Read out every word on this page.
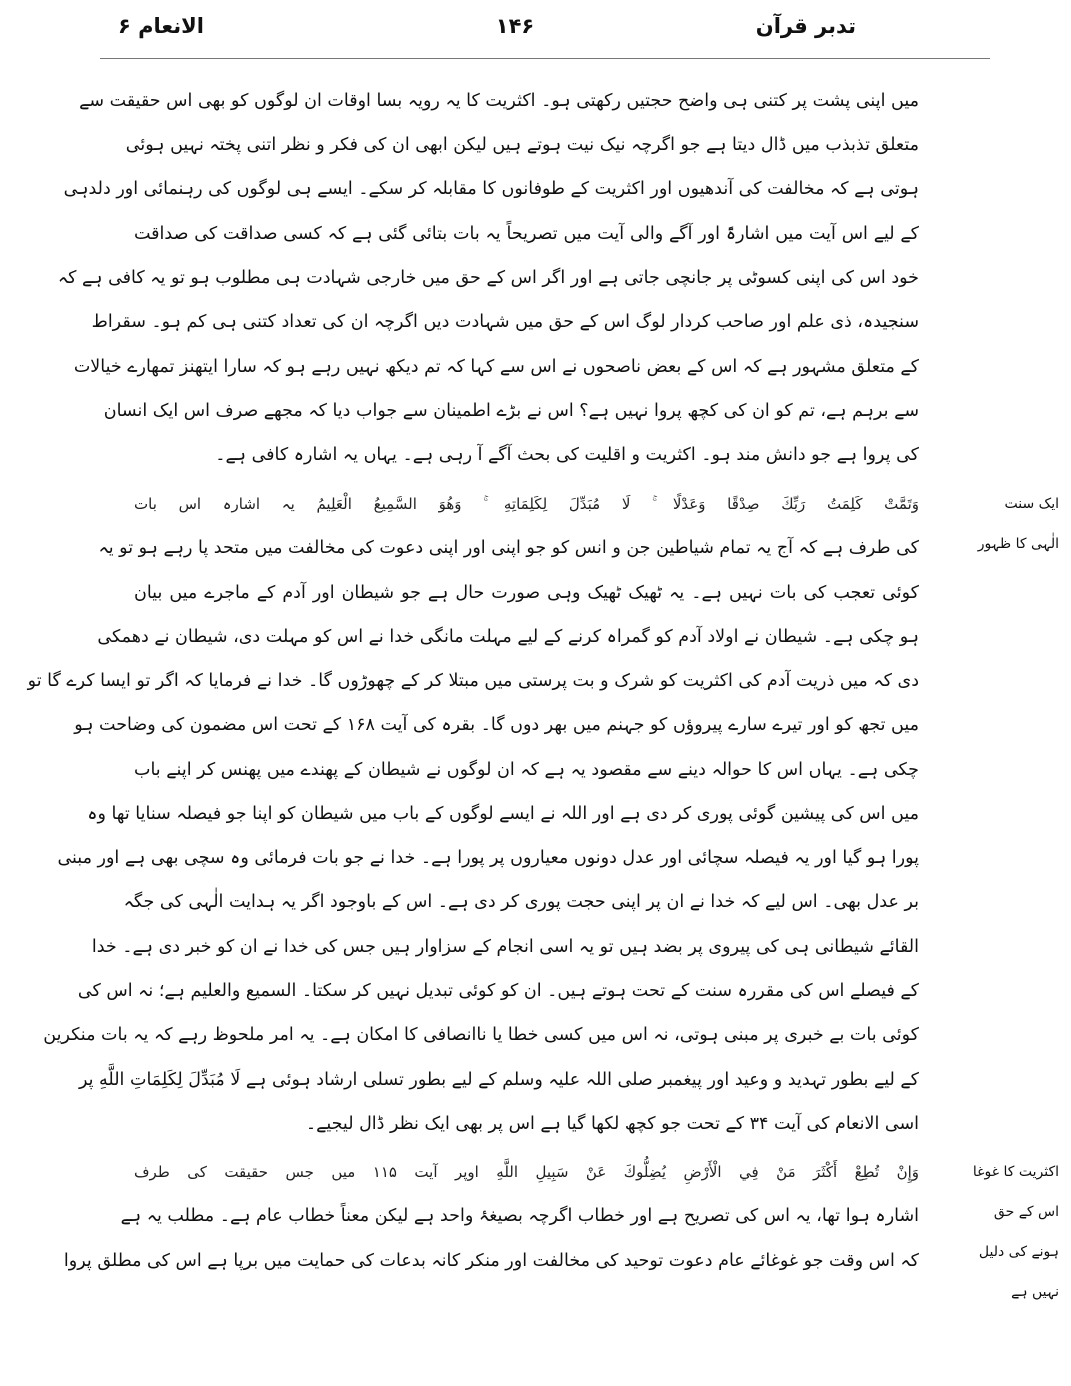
تدبر قرآن
۱۴۶
الانعام ۶
میں اپنی پشت پر کتنی ہی واضح حجتیں رکھتی ہو۔ اکثریت کا یہ رویہ بسا اوقات ان لوگوں کو بھی اس حقیقت سے
متعلق تذبذب میں ڈال دیتا ہے جو اگرچہ نیک نیت ہوتے ہیں لیکن ابھی ان کی فکر و نظر اتنی پختہ نہیں ہوئی
ہوتی ہے کہ مخالفت کی آندھیوں اور اکثریت کے طوفانوں کا مقابلہ کر سکے۔ ایسے ہی لوگوں کی رہنمائی اور دلدہی
کے لیے اس آیت میں اشارۃً اور آگے والی آیت میں تصریحاً یہ بات بتائی گئی ہے کہ کسی صداقت کی صداقت
خود اس کی اپنی کسوٹی پر جانچی جاتی ہے اور اگر اس کے حق میں خارجی شہادت ہی مطلوب ہو تو یہ کافی ہے کہ
سنجیدہ، ذی علم اور صاحب کردار لوگ اس کے حق میں شہادت دیں اگرچہ ان کی تعداد کتنی ہی کم ہو۔ سقراط
کے متعلق مشہور ہے کہ اس کے بعض ناصحوں نے اس سے کہا کہ تم دیکھ نہیں رہے ہو کہ سارا ایتھنز تمھارے خیالات
سے برہم ہے، تم کو ان کی کچھ پروا نہیں ہے؟ اس نے بڑے اطمینان سے جواب دیا کہ مجھے صرف اس ایک انسان
کی پروا ہے جو دانش مند ہو۔ اکثریت و اقلیت کی بحث آگے آ رہی ہے۔ یہاں یہ اشارہ کافی ہے۔
وَتَمَّتْ كَلِمَتُ رَبِّكَ صِدْقًا وَعَدْلًا ۚ لَا مُبَدِّلَ لِكَلِمَاتِهِ ۚ وَهُوَ السَّمِيعُ الْعَلِيمُ یہ اشارہ اس بات
کی طرف ہے کہ آج یہ تمام شیاطین جن و انس کو جو اپنی اور اپنی دعوت کی مخالفت میں متحد پا رہے ہو تو یہ
کوئی تعجب کی بات نہیں ہے۔ یہ ٹھیک ٹھیک وہی صورت حال ہے جو شیطان اور آدم کے ماجرے میں بیان
ہو چکی ہے۔ شیطان نے اولاد آدم کو گمراہ کرنے کے لیے مہلت مانگی خدا نے اس کو مہلت دی، شیطان نے دھمکی
دی کہ میں ذریت آدم کی اکثریت کو شرک و بت پرستی میں مبتلا کر کے چھوڑوں گا۔ خدا نے فرمایا کہ اگر تو ایسا کرے گا تو
میں تجھ کو اور تیرے سارے پیروؤں کو جہنم میں بھر دوں گا۔ بقرہ کی آیت ۱۶۸ کے تحت اس مضمون کی وضاحت ہو
چکی ہے۔ یہاں اس کا حوالہ دینے سے مقصود یہ ہے کہ ان لوگوں نے شیطان کے پھندے میں پھنس کر اپنے باب
میں اس کی پیشین گوئی پوری کر دی ہے اور اللہ نے ایسے لوگوں کے باب میں شیطان کو اپنا جو فیصلہ سنایا تھا وہ
پورا ہو گیا اور یہ فیصلہ سچائی اور عدل دونوں معیاروں پر پورا ہے۔ خدا نے جو بات فرمائی وہ سچی بھی ہے اور مبنی
بر عدل بھی۔ اس لیے کہ خدا نے ان پر اپنی حجت پوری کر دی ہے۔ اس کے باوجود اگر یہ ہدایت الٰہی کی جگہ
القائے شیطانی ہی کی پیروی پر بضد ہیں تو یہ اسی انجام کے سزاوار ہیں جس کی خدا نے ان کو خبر دی ہے۔ خدا
کے فیصلے اس کی مقررہ سنت کے تحت ہوتے ہیں۔ ان کو کوئی تبدیل نہیں کر سکتا۔ السمیع والعلیم ہے؛ نہ اس کی
کوئی بات بے خبری پر مبنی ہوتی، نہ اس میں کسی خطا یا ناانصافی کا امکان ہے۔ یہ امر ملحوظ رہے کہ یہ بات منکرین
کے لیے بطور تہدید و وعید اور پیغمبر صلی اللہ علیہ وسلم کے لیے بطور تسلی ارشاد ہوئی ہے لَا مُبَدِّلَ لِكَلِمَاتِ اللَّهِ پر
اسی الانعام کی آیت ۳۴ کے تحت جو کچھ لکھا گیا ہے اس پر بھی ایک نظر ڈال لیجیے۔
وَإِنْ تُطِعْ أَكْثَرَ مَنْ فِي الْأَرْضِ يُضِلُّوكَ عَنْ سَبِيلِ اللَّهِ اوپر آیت ۱۱۵ میں جس حقیقت کی طرف
اشارہ ہوا تھا، یہ اس کی تصریح ہے اور خطاب اگرچہ بصیغۂ واحد ہے لیکن معناً خطاب عام ہے۔ مطلب یہ ہے
کہ اس وقت جو غوغائے عام دعوت توحید کی مخالفت اور منکر کانہ بدعات کی حمایت میں برپا ہے اس کی مطلق پروا
ایک سنت
الٰہی کا ظہور
اکثریت کا غوغا
اس کے حق
ہونے کی دلیل
نہیں ہے
